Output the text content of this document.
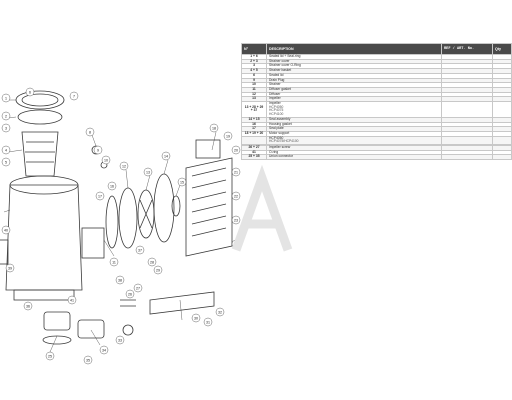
1
2
3
4
5
6
7
8
9
10
11
12
13
14
15
16
17
18
19
20
21
22
23
24
25
26
27
28
29
30
31
32
33
34
35
36
37
38
39
40
41
N°	DESCRIPTION	REF / ART. No.	Qty
1 + 6	Sealed lid + Seal-ring		

2 + 3	Strainer cover		

3	Strainer cover O-Ring		

4 + 5	Strainer basket		

6	Sealed lid		

9	Drain Plug		

10	Strainer		

11	Diffuser gasket		

12	Diffuser		

13	Impeller		

13 + 28 + 29 + 37	Impeller
HCP4050
HCP4075
HCP4100		

14 + 15	Seal assembly		

16	Housing gasket		

17	Seal plate		

18 + 19 + 20	Motor support		

	HCP4050
HCP4075/HCP4100		

26 + 27	Impeller screw		

41	O-ring		

25 + 35	Union connector		
